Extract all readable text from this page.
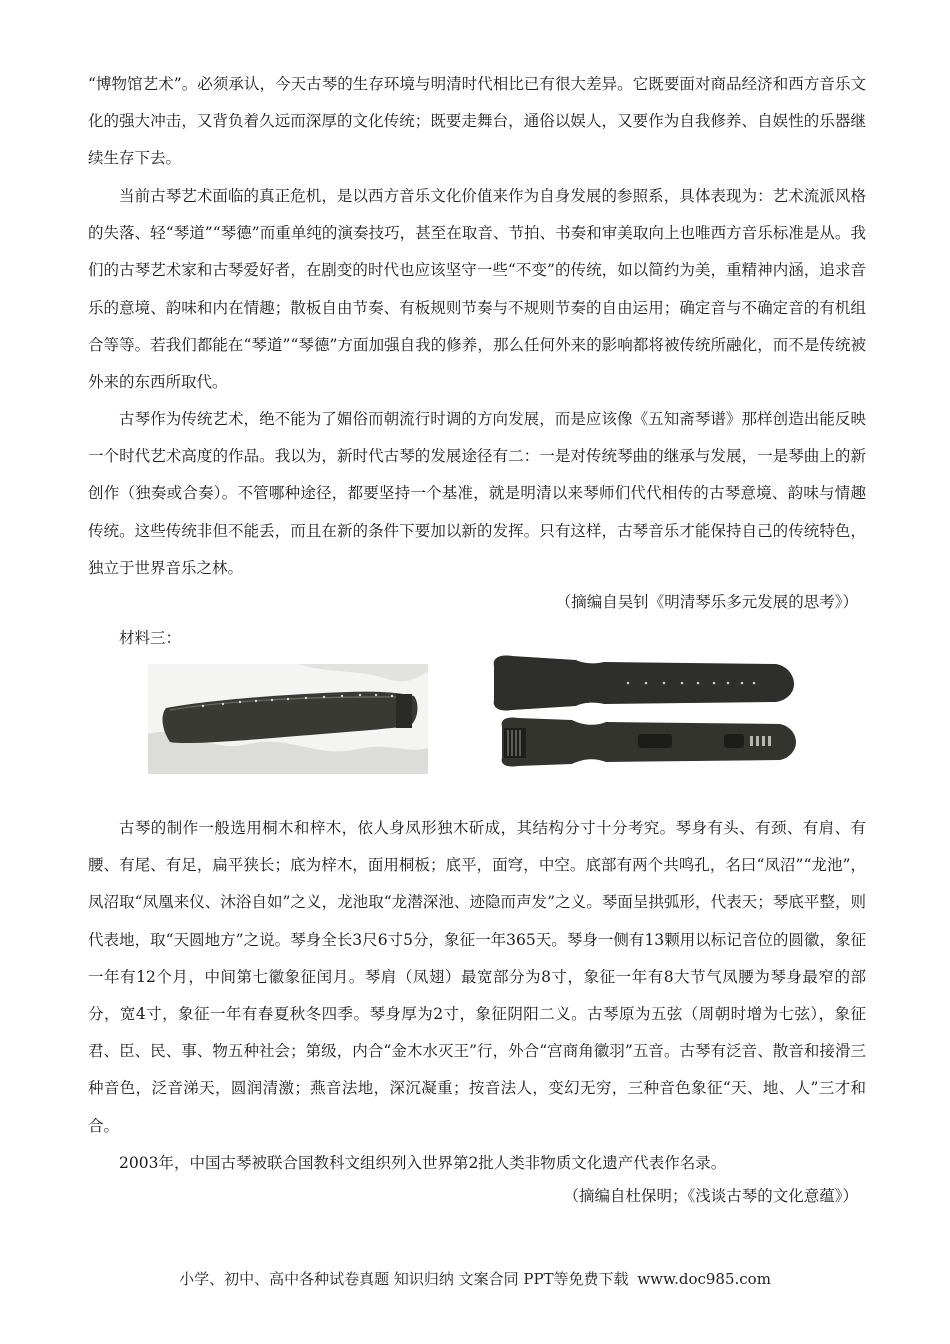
“博物馆艺术”。必须承认，今天古琴的生存环境与明清时代相比已有很大差异。它既要面对商品经济和西方音乐文化的强大冲击，又背负着久远而深厚的文化传统；既要走舞台，通俗以娱人，又要作为自我修养、自娱性的乐器继续生存下去。

当前古琴艺术面临的真正危机，是以西方音乐文化价值来作为自身发展的参照系，具体表现为：艺术流派风格的失落、轻“琴道”“琴德”而重单纯的演奏技巧，甚至在取音、节拍、书奏和审美取向上也唯西方音乐标准是从。我们的古琴艺术家和古琴爱好者，在剧变的时代也应该坚守一些“不变”的传统，如以简约为美，重精神内涵，追求音乐的意境、韵味和内在情趣；散板自由节奏、有板规则节奏与不规则节奏的自由运用；确定音与不确定音的有机组合等等。若我们都能在“琴道”“琴德”方面加强自我的修养，那么任何外来的影响都将被传统所融化，而不是传统被外来的东西所取代。

古琴作为传统艺术，绝不能为了媚俗而朝流行时调的方向发展，而是应该像《五知斋琴谱》那样创造出能反映一个时代艺术高度的作品。我以为，新时代古琴的发展途径有二：一是对传统琴曲的继承与发展，一是琴曲上的新创作（独奏或合奏）。不管哪种途径，都要坚持一个基准，就是明清以来琴师们代代相传的古琴意境、韵味与情趣传统。这些传统非但不能丢，而且在新的条件下要加以新的发挥。只有这样，古琴音乐才能保持自己的传统特色，独立于世界音乐之林。

（摘编自吴钊《明清琴乐多元发展的思考》）
材料三：

古琴的制作一般选用桐木和梓木，依人身凤形独木斫成，其结构分寸十分考究。琴身有头、有颈、有肩、有腰、有尾、有足，扁平狭长；底为梓木，面用桐板；底平，面穹，中空。底部有两个共鸣孔，名曰“凤沼”“龙池”，凤沼取“凤凰来仪、沐浴自如”之义，龙池取“龙潜深池、迹隐而声发”之义。琴面呈拱弧形，代表天；琴底平整，则代表地，取“天圆地方”之说。琴身全长3尺6寸5分，象征一年365天。琴身一侧有13颗用以标记音位的圆徽，象征一年有12个月，中间第七徽象征闰月。琴肩（凤翅）最宽部分为8寸，象征一年有8大节气凤腰为琴身最窄的部分，宽4寸，象征一年有春夏秋冬四季。琴身厚为2寸，象征阴阳二义。古琴原为五弦（周朝时增为七弦），象征君、臣、民、事、物五种社会；第级，内合“金木水灭王”行，外合“宫商角徽羽”五音。古琴有泛音、散音和接滑三种音色，泛音涕天，圆润清激；燕音法地，深沉凝重；按音法人，变幻无穷，三种音色象征“天、地、人”三才和合。

2003年，中国古琴被联合国教科文组织列入世界第2批人类非物质文化遗产代表作名录。

（摘编自杜保明；《浅谈古琴的文化意蕴》）
小学、初中、高中各种试卷真题 知识归纳 文案合同 PPT等免费下载 www.doc985.com
